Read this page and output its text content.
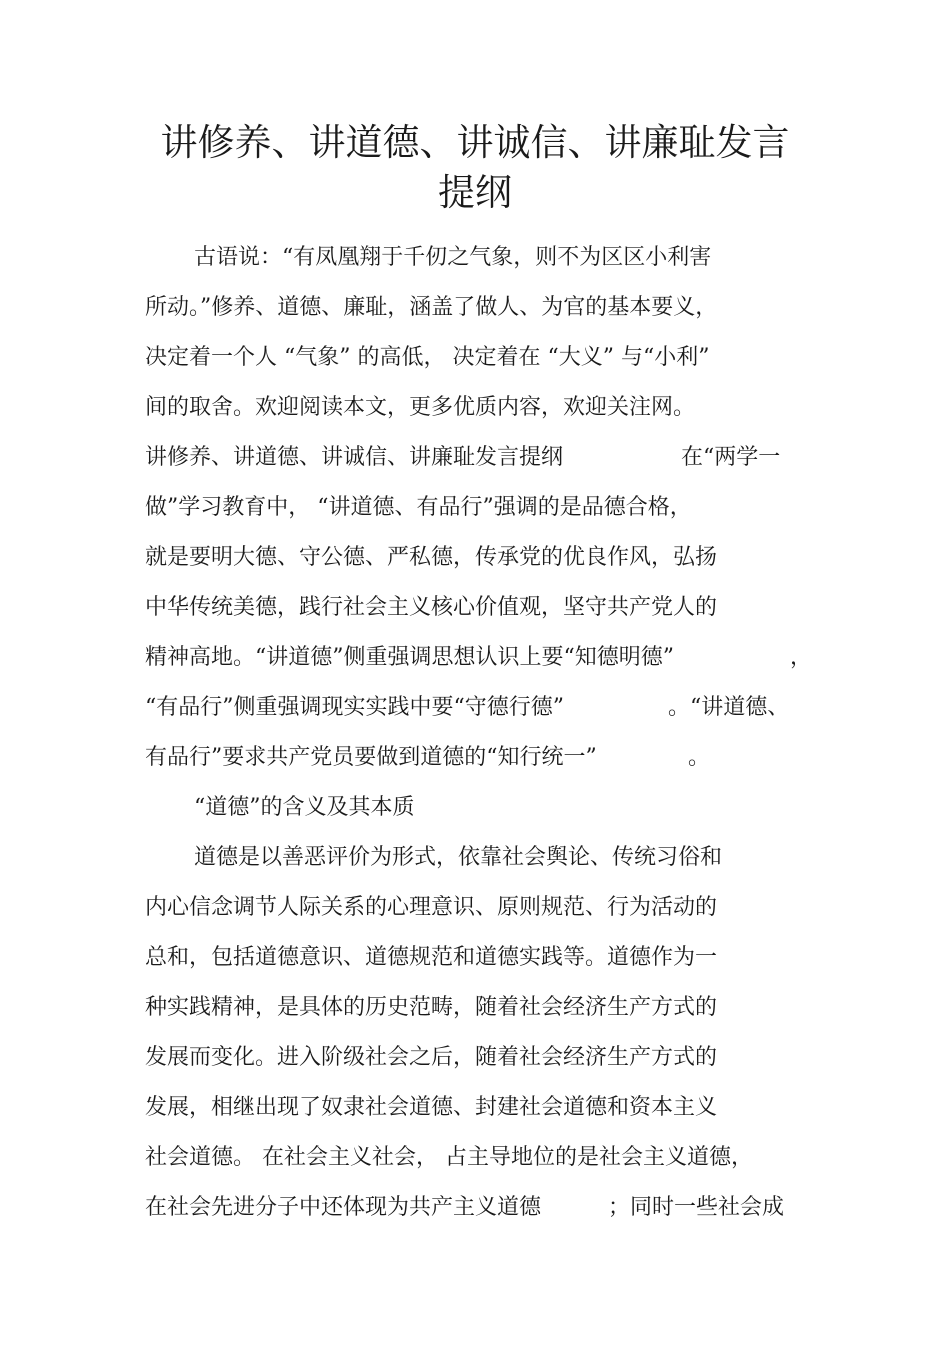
讲修养、讲道德、讲诚信、讲廉耻发言
提纲

古语说：“有凤凰翔于千仞之气象，则不为区区小利害

所动。”修养、道德、廉耻，涵盖了做人、为官的基本要义，

决定着一个人 “气象” 的高低， 决定着在 “大义” 与“小利”

间的取舍。欢迎阅读本文，更多优质内容，欢迎关注网。

讲修养、讲道德、讲诚信、讲廉耻发言提纲	在“两学一

做”学习教育中， “讲道德、有品行”强调的是品德合格，

就是要明大德、守公德、严私德，传承党的优良作风，弘扬

中华传统美德，践行社会主义核心价值观，坚守共产党人的

精神高地。“讲道德”侧重强调思想认识上要“知德明德”	，

“有品行”侧重强调现实实践中要“守德行德”	。“讲道德、

有品行”要求共产党员要做到道德的“知行统一”	。

“道德”的含义及其本质

道德是以善恶评价为形式，依靠社会舆论、传统习俗和

内心信念调节人际关系的心理意识、原则规范、行为活动的

总和，包括道德意识、道德规范和道德实践等。道德作为一

种实践精神，是具体的历史范畴，随着社会经济生产方式的

发展而变化。进入阶级社会之后，随着社会经济生产方式的

发展，相继出现了奴隶社会道德、封建社会道德和资本主义

社会道德。 在社会主义社会， 占主导地位的是社会主义道德，

在社会先进分子中还体现为共产主义道德	；同时一些社会成
